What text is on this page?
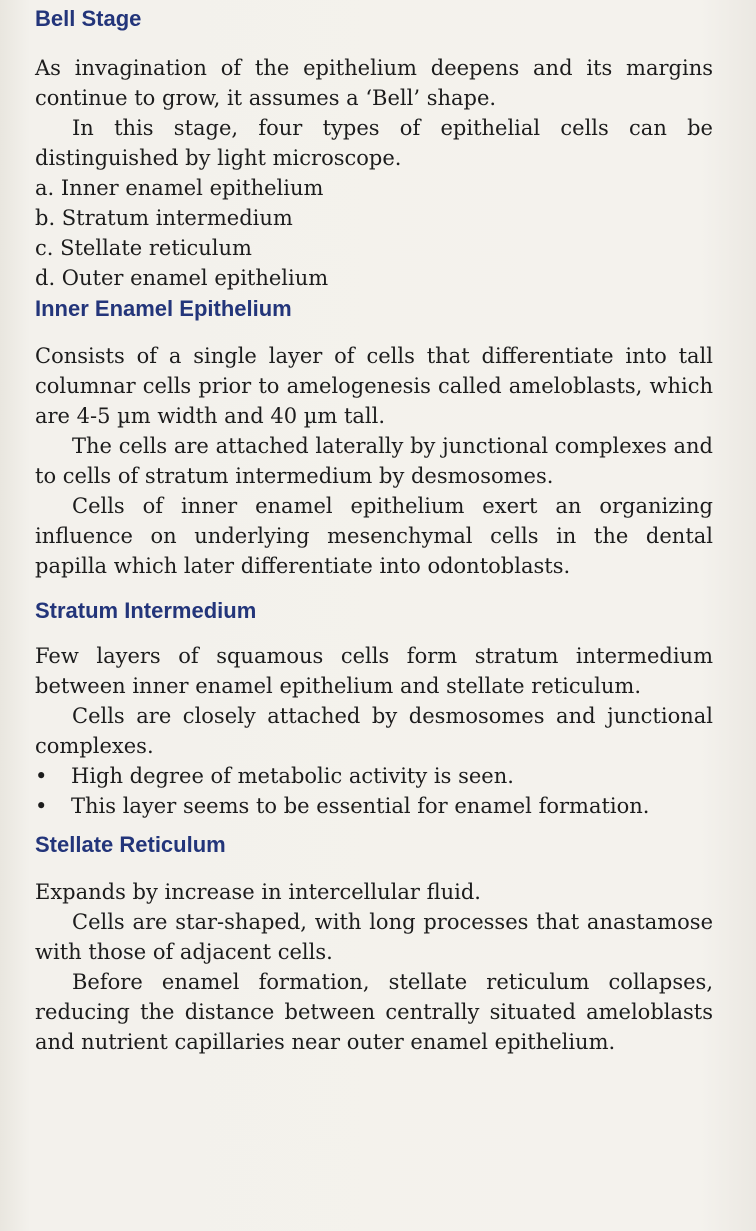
Bell Stage

As invagination of the epithelium deepens and its margins continue to grow, it assumes a ‘Bell’ shape.

In this stage, four types of epithelial cells can be distinguished by light microscope.

a. Inner enamel epithelium
b. Stratum intermedium
c. Stellate reticulum
d. Outer enamel epithelium
Inner Enamel Epithelium

Consists of a single layer of cells that differentiate into tall columnar cells prior to amelogenesis called ameloblasts, which are 4-5 µm width and 40 µm tall.

The cells are attached laterally by junctional complexes and to cells of stratum intermedium by desmosomes.

Cells of inner enamel epithelium exert an organizing influence on underlying mesenchymal cells in the dental papilla which later differentiate into odontoblasts.

Stratum Intermedium

Few layers of squamous cells form stratum intermedium between inner enamel epithelium and stellate reticulum.

Cells are closely attached by desmosomes and junctional complexes.

•	High degree of metabolic activity is seen.
•	This layer seems to be essential for enamel formation.
Stellate Reticulum

Expands by increase in intercellular fluid.

Cells are star-shaped, with long processes that anastamose with those of adjacent cells.

Before enamel formation, stellate reticulum collapses, reducing the distance between centrally situated ameloblasts and nutrient capillaries near outer enamel epithelium.
